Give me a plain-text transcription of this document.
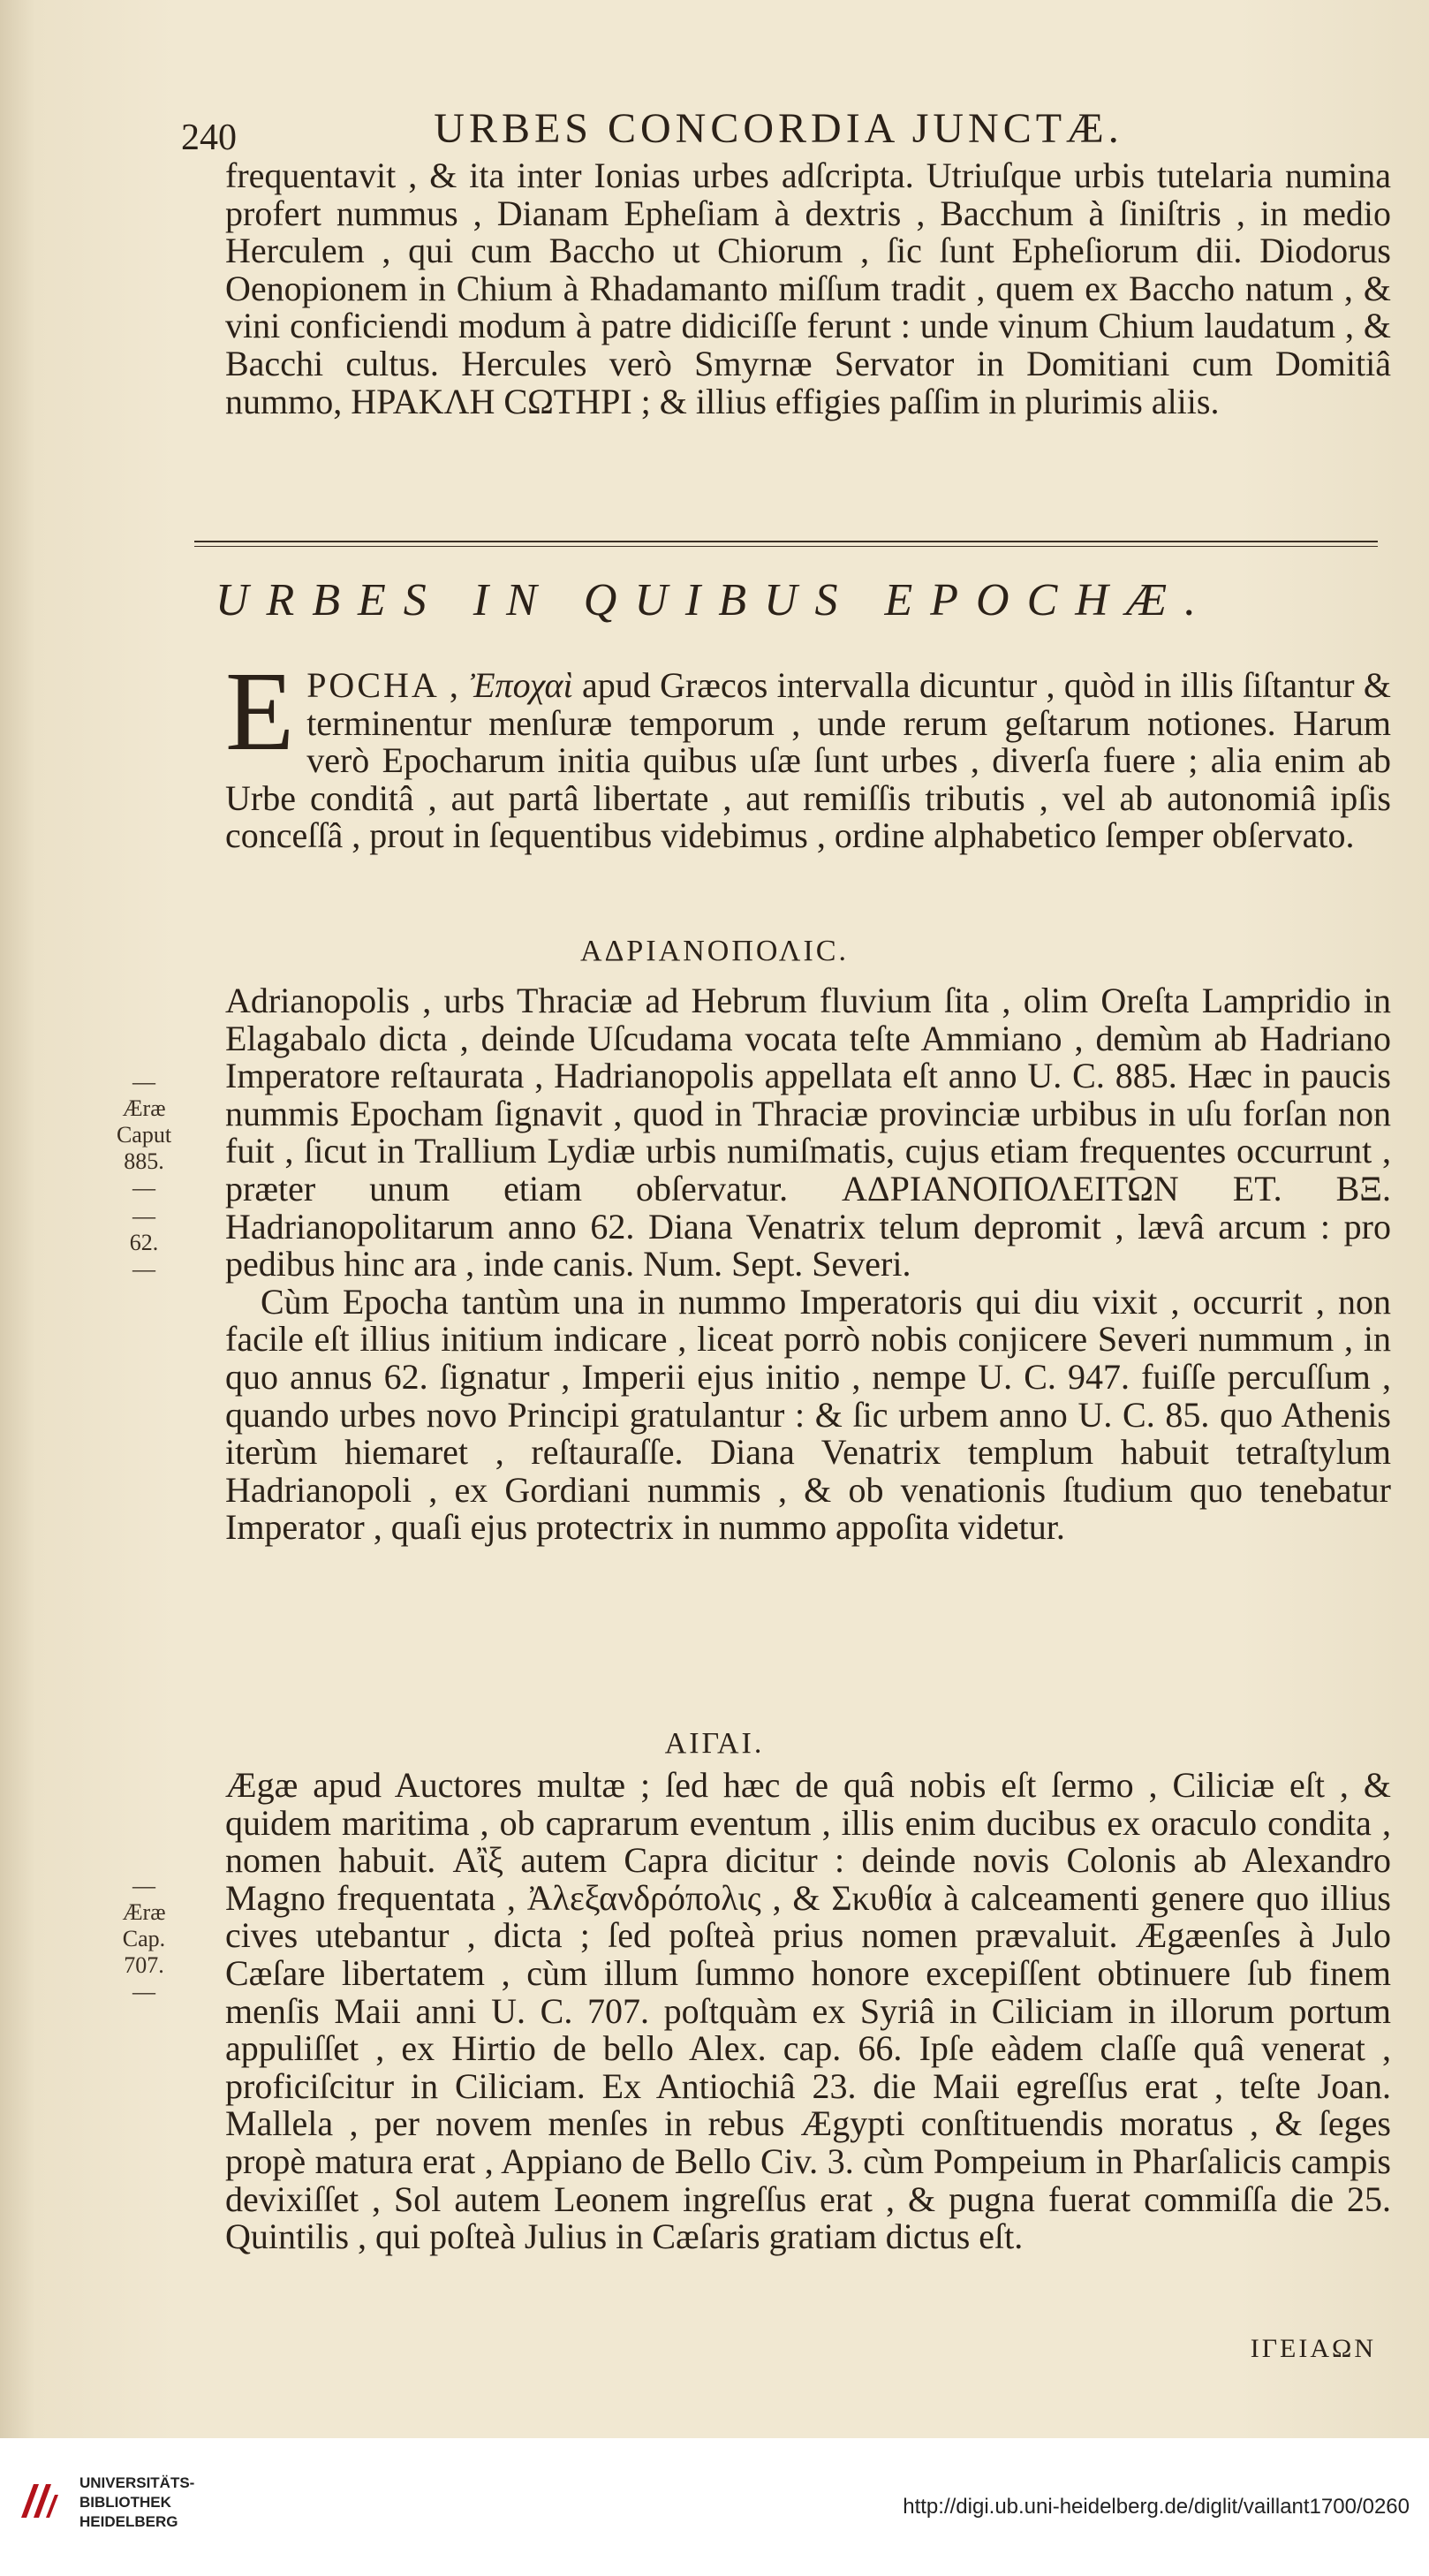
240	URBES CONCORDIA JUNCTÆ.

frequentavit , & ita inter Ionias urbes adſcripta. Utriuſque urbis tutelaria numina profert nummus , Dianam Epheſiam à dextris , Bacchum à ſiniſtris , in medio Herculem , qui cum Baccho ut Chiorum , ſic ſunt Epheſiorum dii. Diodorus Oenopionem in Chium à Rhadamanto miſſum tradit , quem ex Baccho natum , & vini conficiendi modum à patre didiciſſe ferunt : unde vinum Chium laudatum , & Bacchi cultus. Hercules verò Smyrnæ Servator in Domitiani cum Domitiâ nummo, ΗΡΑΚΛΗ ϹΩΤΗΡΙ ; & illius effigies paſſim in plurimis aliis.

URBES IN QUIBUS EPOCHÆ.
E POCHA , Ἐποχαὶ apud Græcos intervalla dicuntur , quòd in illis ſiſtantur & terminentur menſuræ temporum , unde rerum geſtarum notiones. Harum verò Epocharum initia quibus uſæ ſunt urbes , diverſa fuere ; alia enim ab Urbe conditâ , aut partâ libertate , aut remiſſis tributis , vel ab autonomiâ ipſis conceſſâ , prout in ſequentibus videbimus , ordine alphabetico ſemper obſervato.
ΑΔΡΙΑΝΟΠΟΛΙϹ.

Adrianopolis , urbs Thraciæ ad Hebrum fluvium ſita , olim Oreſta Lampridio in Elagabalo dicta , deinde Uſcudama vocata teſte Ammiano , demùm ab Hadriano Imperatore reſtaurata , Hadrianopolis appellata eſt anno U. C. 885. Hæc in paucis nummis Epocham ſignavit , quod in Thraciæ provinciæ urbibus in uſu forſan non fuit , ſicut in Trallium Lydiæ urbis numiſmatis, cujus etiam frequentes occurrunt , præter unum etiam obſervatur. ΑΔΡΙΑΝΟΠΟΛΕΙΤΩΝ ΕΤ. ΒΞ. Hadrianopolitarum anno 62. Diana Venatrix telum depromit , lævâ arcum : pro pedibus hinc ara , inde canis. Num. Sept. Severi.

Cùm Epocha tantùm una in nummo Imperatoris qui diu vixit , occurrit , non facile eſt illius initium indicare , liceat porrò nobis conjicere Severi nummum , in quo annus 62. ſignatur , Imperii ejus initio , nempe U. C. 947. fuiſſe percuſſum , quando urbes novo Principi gratulantur : & ſic urbem anno U. C. 85. quo Athenis iterùm hiemaret , reſtauraſſe. Diana Venatrix templum habuit tetraſtylum Hadrianopoli , ex Gordiani nummis , & ob venationis ſtudium quo tenebatur Imperator , quaſi ejus protectrix in nummo appoſita videtur.

—
Æræ Caput 885.
—
—
62.
—
ΑΙΓΑΙ.

Ægæ apud Auctores multæ ; ſed hæc de quâ nobis eſt ſermo , Ciliciæ eſt , & quidem maritima , ob caprarum eventum , illis enim ducibus ex oraculo condita , nomen habuit. Αἲξ autem Capra dicitur : deinde novis Colonis ab Alexandro Magno frequentata , Ἀλεξανδρόπολις , & Σκυθία à calceamenti genere quo illius cives utebantur , dicta ; ſed poſteà prius nomen prævaluit. Ægæenſes à Julo Cæſare libertatem , cùm illum ſummo honore excepiſſent obtinuere ſub finem menſis Maii anni U. C. 707. poſtquàm ex Syriâ in Ciliciam in illorum portum appuliſſet , ex Hirtio de bello Alex. cap. 66. Ipſe eàdem claſſe quâ venerat , proficiſcitur in Ciliciam. Ex Antiochiâ 23. die Maii egreſſus erat , teſte Joan. Mallela , per novem menſes in rebus Ægypti conſtituendis moratus , & ſeges propè matura erat , Appiano de Bello Civ. 3. cùm Pompeium in Pharſalicis campis devixiſſet , Sol autem Leonem ingreſſus erat , & pugna fuerat commiſſa die 25. Quintilis , qui poſteà Julius in Cæſaris gratiam dictus eſt.

—
Æræ Cap. 707.
—
ΙΓΕΙΑΩΝ
UNIVERSITÄTS-
BIBLIOTHEK
HEIDELBERG
http://digi.ub.uni-heidelberg.de/diglit/vaillant1700/0260
